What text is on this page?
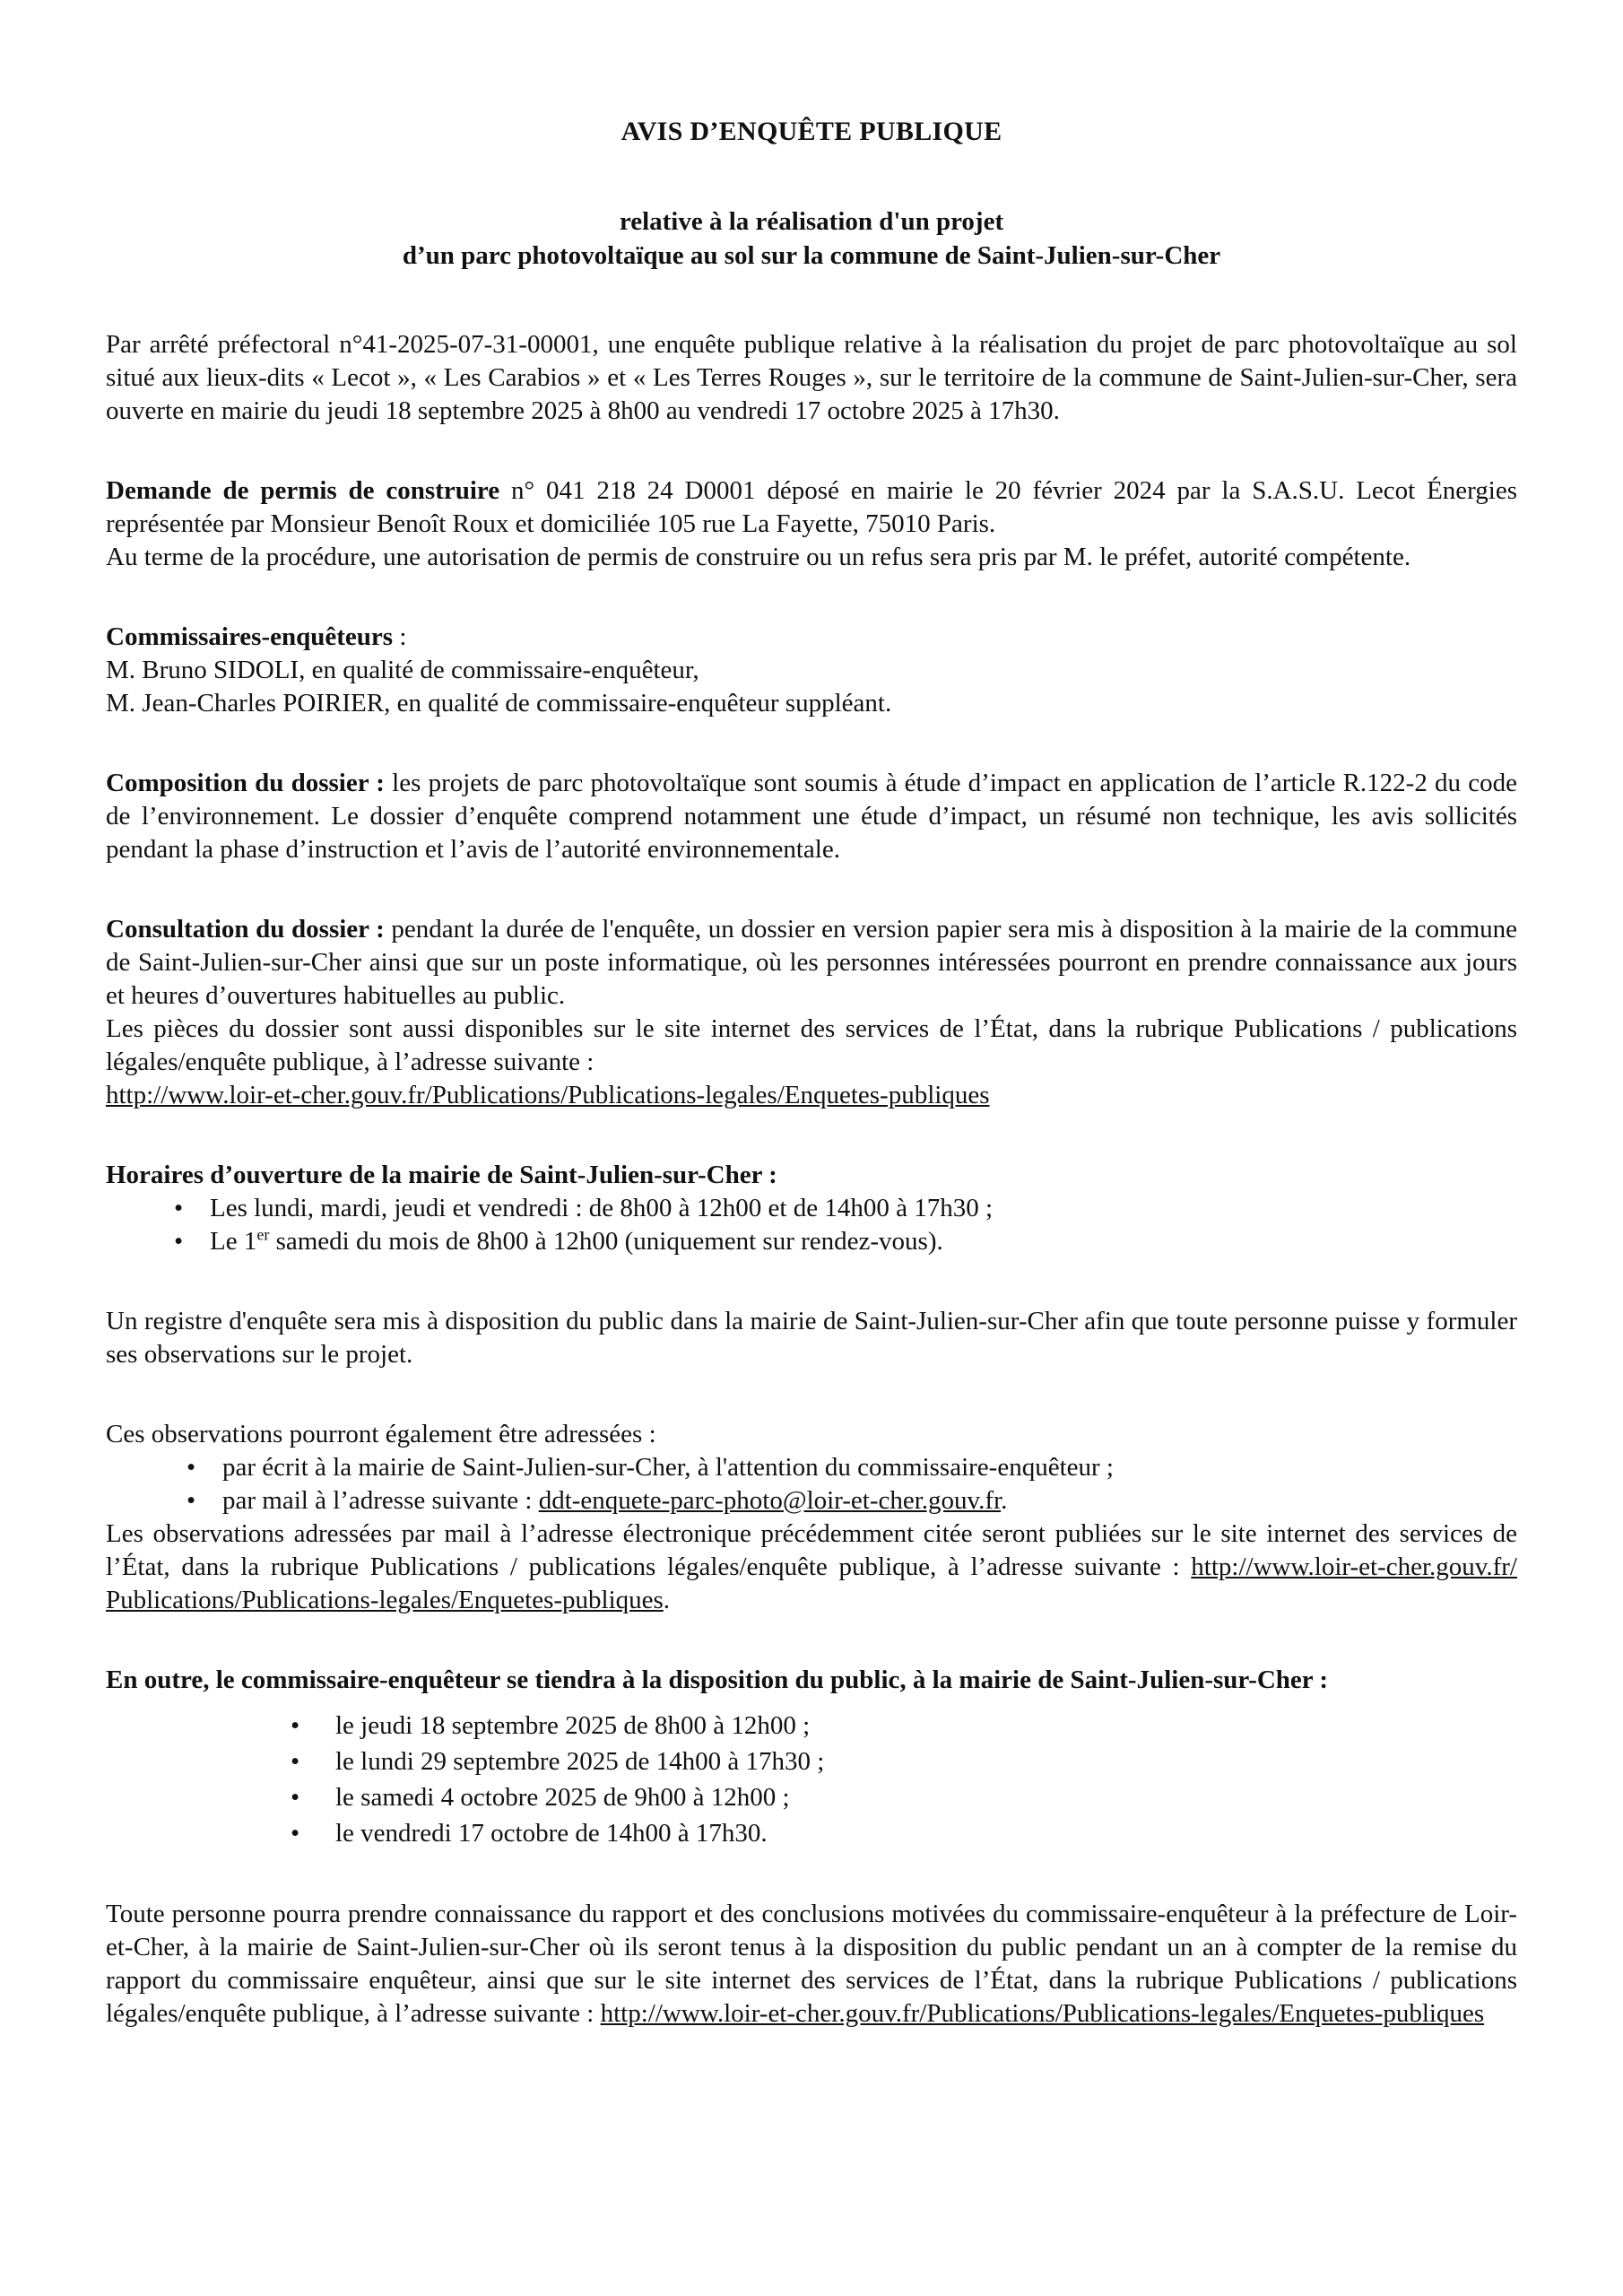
AVIS D’ENQUÊTE PUBLIQUE
relative à la réalisation d'un projet
d’un parc photovoltaïque au sol sur la commune de Saint-Julien-sur-Cher

Par arrêté préfectoral n°41-2025-07-31-00001, une enquête publique relative à la réalisation du projet de parc photovoltaïque au sol situé aux lieux-dits « Lecot », « Les Carabios » et « Les Terres Rouges », sur le territoire de la commune de Saint-Julien-sur-Cher, sera ouverte en mairie du jeudi 18 septembre 2025 à 8h00 au vendredi 17 octobre 2025 à 17h30.

Demande de permis de construire n° 041 218 24 D0001 déposé en mairie le 20 février 2024 par la S.A.S.U. Lecot Énergies représentée par Monsieur Benoît Roux et domiciliée 105 rue La Fayette, 75010 Paris.
Au terme de la procédure, une autorisation de permis de construire ou un refus sera pris par M. le préfet, autorité compétente.

Commissaires-enquêteurs :
M. Bruno SIDOLI, en qualité de commissaire-enquêteur,
M. Jean-Charles POIRIER, en qualité de commissaire-enquêteur suppléant.

Composition du dossier : les projets de parc photovoltaïque sont soumis à étude d’impact en application de l’article R.122-2 du code de l’environnement. Le dossier d’enquête comprend notamment une étude d’impact, un résumé non technique, les avis sollicités pendant la phase d’instruction et l’avis de l’autorité environnementale.

Consultation du dossier : pendant la durée de l'enquête, un dossier en version papier sera mis à disposition à la mairie de la commune de Saint-Julien-sur-Cher ainsi que sur un poste informatique, où les personnes intéressées pourront en prendre connaissance aux jours et heures d’ouvertures habituelles au public.
Les pièces du dossier sont aussi disponibles sur le site internet des services de l’État, dans la rubrique Publications / publications légales/enquête publique, à l’adresse suivante :
http://www.loir-et-cher.gouv.fr/Publications/Publications-legales/Enquetes-publiques

Horaires d’ouverture de la mairie de Saint-Julien-sur-Cher :
• Les lundi, mardi, jeudi et vendredi : de 8h00 à 12h00 et de 14h00 à 17h30 ;
• Le 1er samedi du mois de 8h00 à 12h00 (uniquement sur rendez-vous).

Un registre d'enquête sera mis à disposition du public dans la mairie de Saint-Julien-sur-Cher afin que toute personne puisse y formuler ses observations sur le projet.

Ces observations pourront également être adressées :
• par écrit à la mairie de Saint-Julien-sur-Cher, à l'attention du commissaire-enquêteur ;
• par mail à l’adresse suivante : ddt-enquete-parc-photo@loir-et-cher.gouv.fr.
Les observations adressées par mail à l’adresse électronique précédemment citée seront publiées sur le site internet des services de l’État, dans la rubrique Publications / publications légales/enquête publique, à l’adresse suivante : http://www.loir-et-cher.gouv.fr/ Publications/Publications-legales/Enquetes-publiques.
En outre, le commissaire-enquêteur se tiendra à la disposition du public, à la mairie de Saint-Julien-sur-Cher :
• le jeudi 18 septembre 2025 de 8h00 à 12h00 ;
• le lundi 29 septembre 2025 de 14h00 à 17h30 ;
• le samedi 4 octobre 2025 de 9h00 à 12h00 ;
• le vendredi 17 octobre de 14h00 à 17h30.

Toute personne pourra prendre connaissance du rapport et des conclusions motivées du commissaire-enquêteur à la préfecture de Loir-et-Cher, à la mairie de Saint-Julien-sur-Cher où ils seront tenus à la disposition du public pendant un an à compter de la remise du rapport du commissaire enquêteur, ainsi que sur le site internet des services de l’État, dans la rubrique Publications / publications légales/enquête publique, à l’adresse suivante : http://www.loir-et-cher.gouv.fr/Publications/Publications-legales/Enquetes-publiques
